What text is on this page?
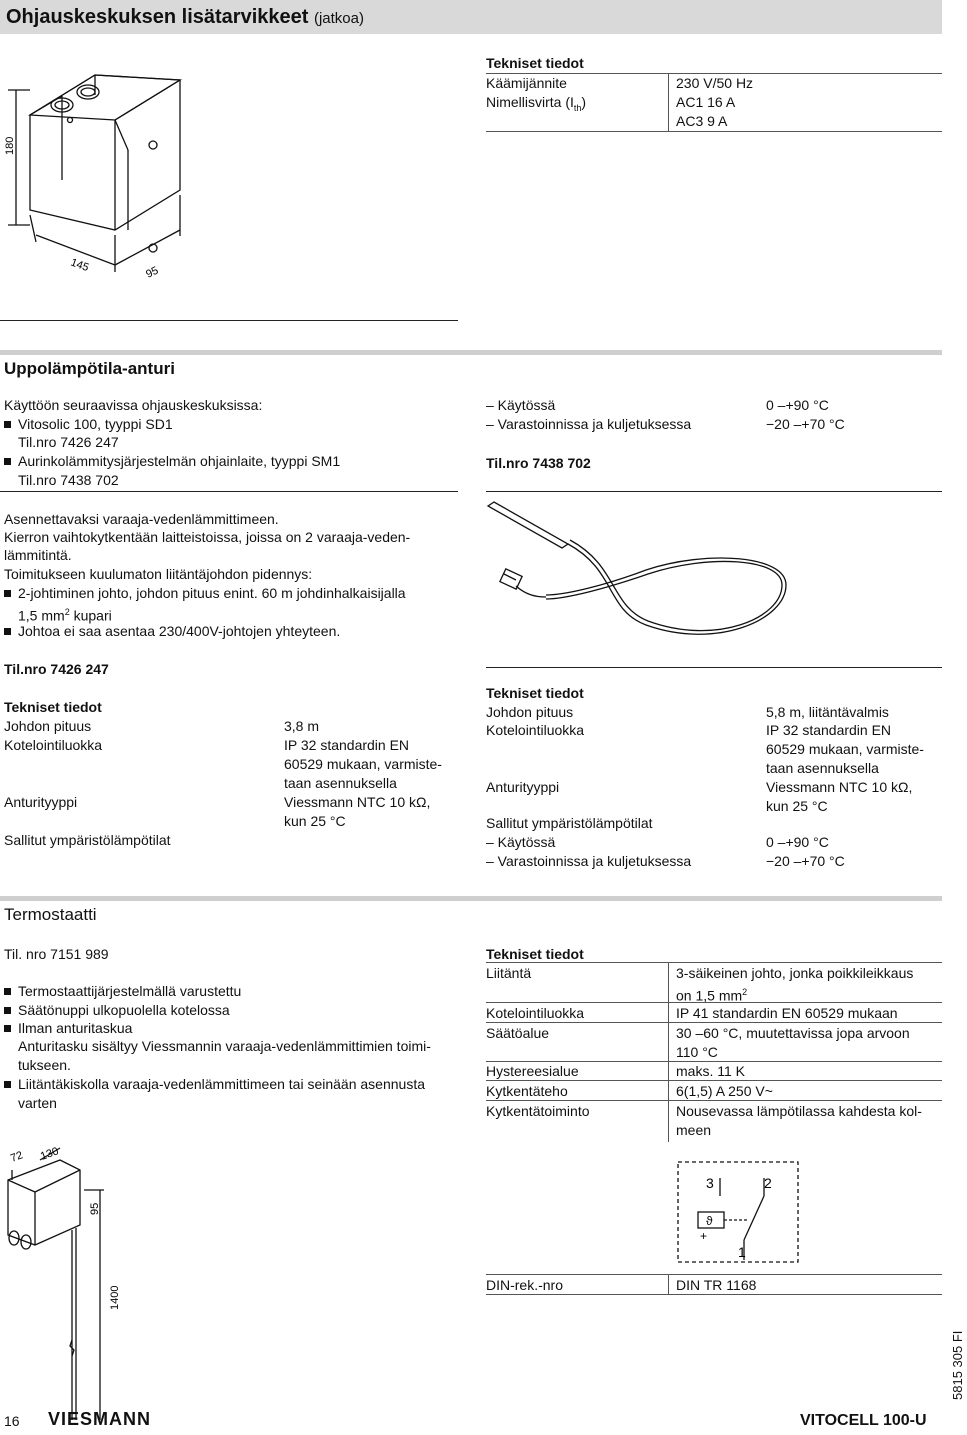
Ohjauskeskuksen lisätarvikkeet (jatkoa)
180
145	95
Tekniset tiedot
Käämijännite	230 V/50 Hz
Nimellisvirta $(I_{th})$	AC1 16 A
AC3 9 A
Uppolämpötila-anturi
Käyttöön seuraavissa ohjauskeskuksissa:
Vitosolic 100, tyyppi SD1
Til.nro 7426 247
Aurinkolämmitysjärjestelmän ohjainlaite, tyyppi SM1
Til.nro 7438 702
– Käytössä	0 –+90 °C
– Varastoinnissa ja kuljetuksessa	−20 –+70 °C
Til.nro 7438 702
Asennettavaksi varaaja-vedenlämmittimeen.
Kierron vaihtokytkentään laitteistoissa, joissa on 2 varaaja-veden-
lämmitintä.
Toimitukseen kuulumaton liitäntäjohdon pidennys:
2-johtiminen johto, johdon pituus enint. 60 m johdinhalkaisijalla
1,5 $mm^2$ kupari
Johtoa ei saa asentaa 230/400V-johtojen yhteyteen.
Til.nro 7426 247
Tekniset tiedot
Johdon pituus	3,8 m
Kotelointiluokka	IP 32 standardin EN
60529 mukaan, varmiste-
taan asennuksella
Anturityyppi	Viessmann NTC 10 kΩ,
kun 25 °C
Sallitut ympäristölämpötilat
Tekniset tiedot
Johdon pituus	5,8 m, liitäntävalmis
Kotelointiluokka	IP 32 standardin EN
60529 mukaan, varmiste-
taan asennuksella
Anturityyppi	Viessmann NTC 10 kΩ,
kun 25 °C
Sallitut ympäristölämpötilat
– Käytössä	0 –+90 °C
– Varastoinnissa ja kuljetuksessa	−20 –+70 °C
Termostaatti
Til. nro 7151 989
Termostaattijärjestelmällä varustettu
Säätönuppi ulkopuolella kotelossa
Ilman anturitaskua
Anturitasku sisältyy Viessmannin varaaja-vedenlämmittimien toimi-
tukseen.
Liitäntäkiskolla varaaja-vedenlämmittimeen tai seinään asennusta
varten
72 130
95
1400
Tekniset tiedot
Liitäntä	3-säikeinen johto, jonka poikkileikkaus
on 1,5 $mm^2$
Kotelointiluokka	IP 41 standardin EN 60529 mukaan
Säätöalue	30 –60 °C, muutettavissa jopa arvoon
110 °C
Hystereesialue	maks. 11 K
Kytkentäteho	6(1,5) A 250 V~
Kytkentätoiminto	Nousevassa lämpötilassa kahdesta kol-
meen
3	2
1
ϑ
+
DIN-rek.-nro	DIN TR 1168
16 VIESMANN	VITOCELL 100-U
5815 305 FI
